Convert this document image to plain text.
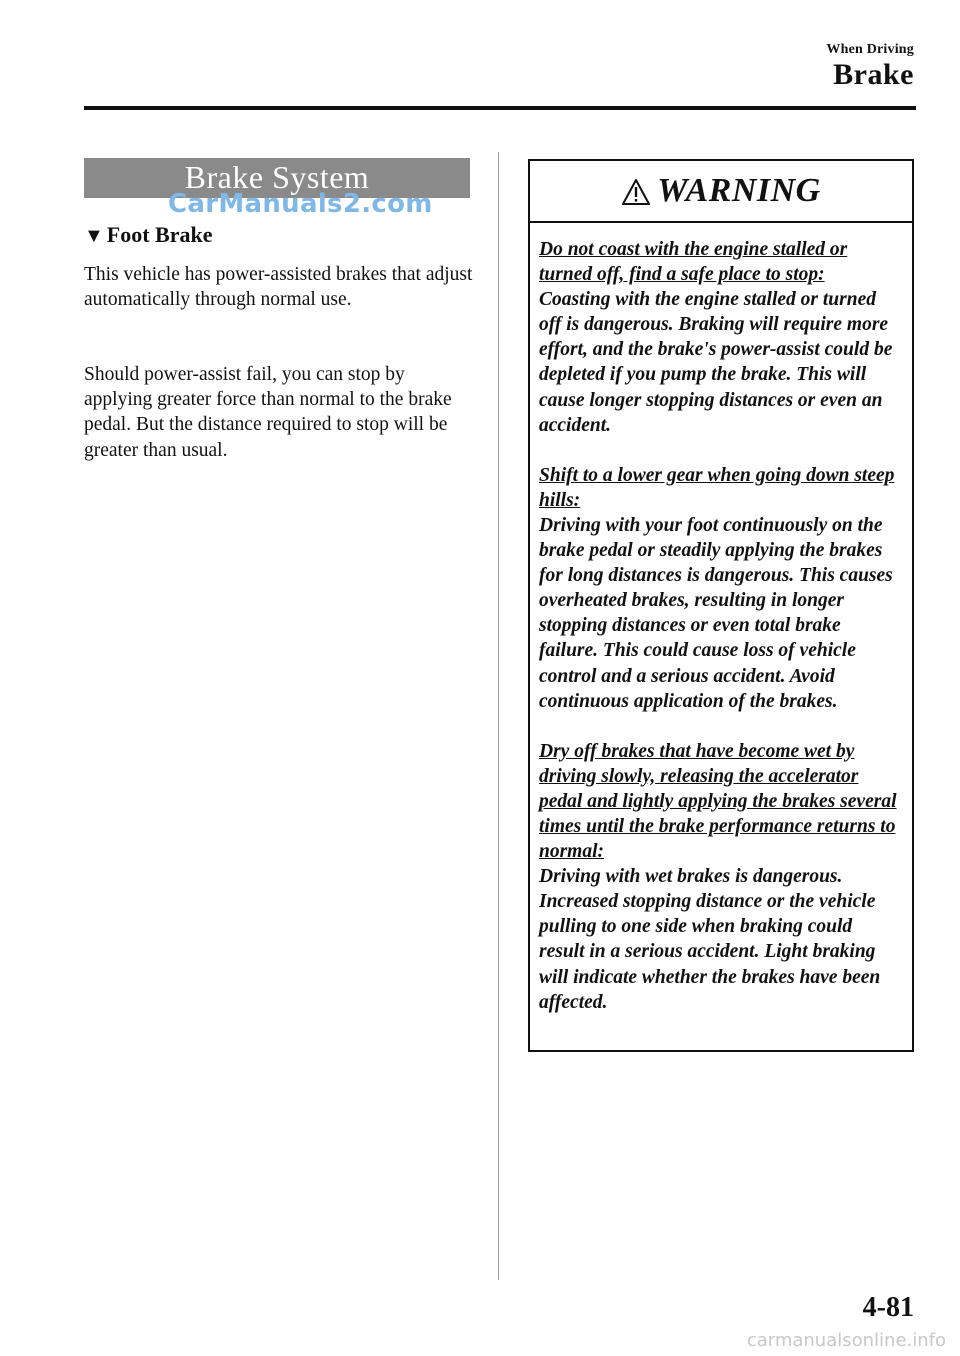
When Driving
Brake
Brake System
CarManuals2.com
▼ Foot Brake

This vehicle has power-assisted brakes that adjust automatically through normal use.

Should power-assist fail, you can stop by applying greater force than normal to the brake pedal. But the distance required to stop will be greater than usual.

WARNING
Do not coast with the engine stalled or turned off, find a safe place to stop:
Coasting with the engine stalled or turned off is dangerous. Braking will require more effort, and the brake's power-assist could be depleted if you pump the brake. This will cause longer stopping distances or even an accident.
Shift to a lower gear when going down steep hills:
Driving with your foot continuously on the brake pedal or steadily applying the brakes for long distances is dangerous. This causes overheated brakes, resulting in longer stopping distances or even total brake failure. This could cause loss of vehicle control and a serious accident. Avoid continuous application of the brakes.
Dry off brakes that have become wet by driving slowly, releasing the accelerator pedal and lightly applying the brakes several times until the brake performance returns to normal:
Driving with wet brakes is dangerous. Increased stopping distance or the vehicle pulling to one side when braking could result in a serious accident. Light braking will indicate whether the brakes have been affected.
4-81
carmanualsonline.info
